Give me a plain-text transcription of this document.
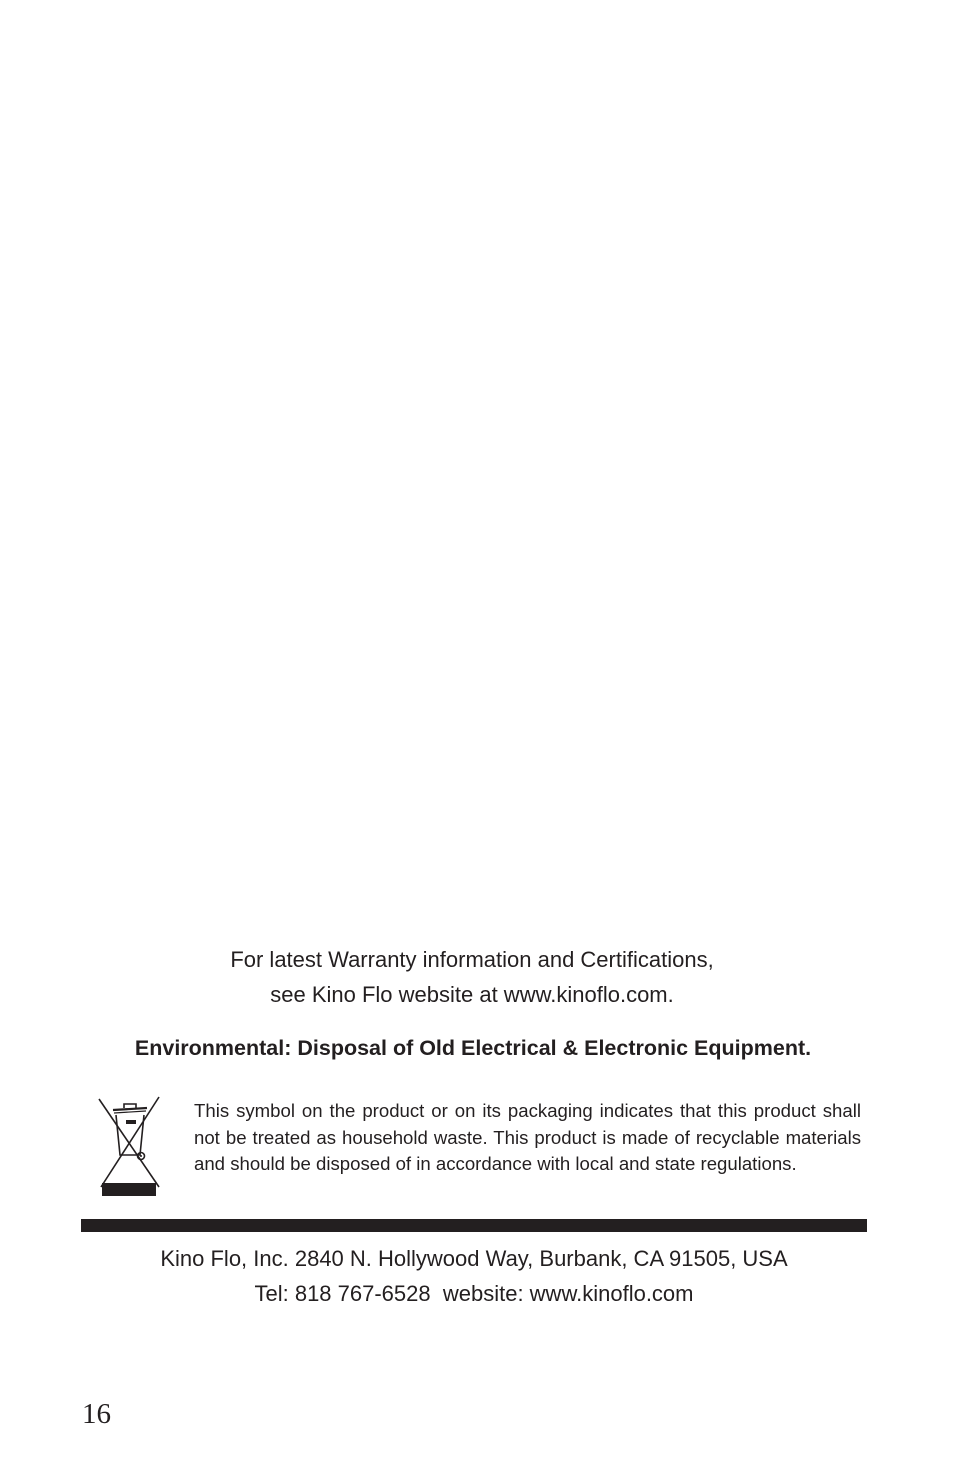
For latest Warranty information and Certifications,
see Kino Flo website at www.kinoflo.com.
Environmental: Disposal of Old Electrical & Electronic Equipment.
This symbol on the product or on its packaging indicates that this product shall not be treated as household waste. This product is made of recyclable materials and should be disposed of in accordance with local and state regulations.
Kino Flo, Inc. 2840 N. Hollywood Way, Burbank, CA 91505, USA
Tel: 818 767-6528  website: www.kinoflo.com
16
